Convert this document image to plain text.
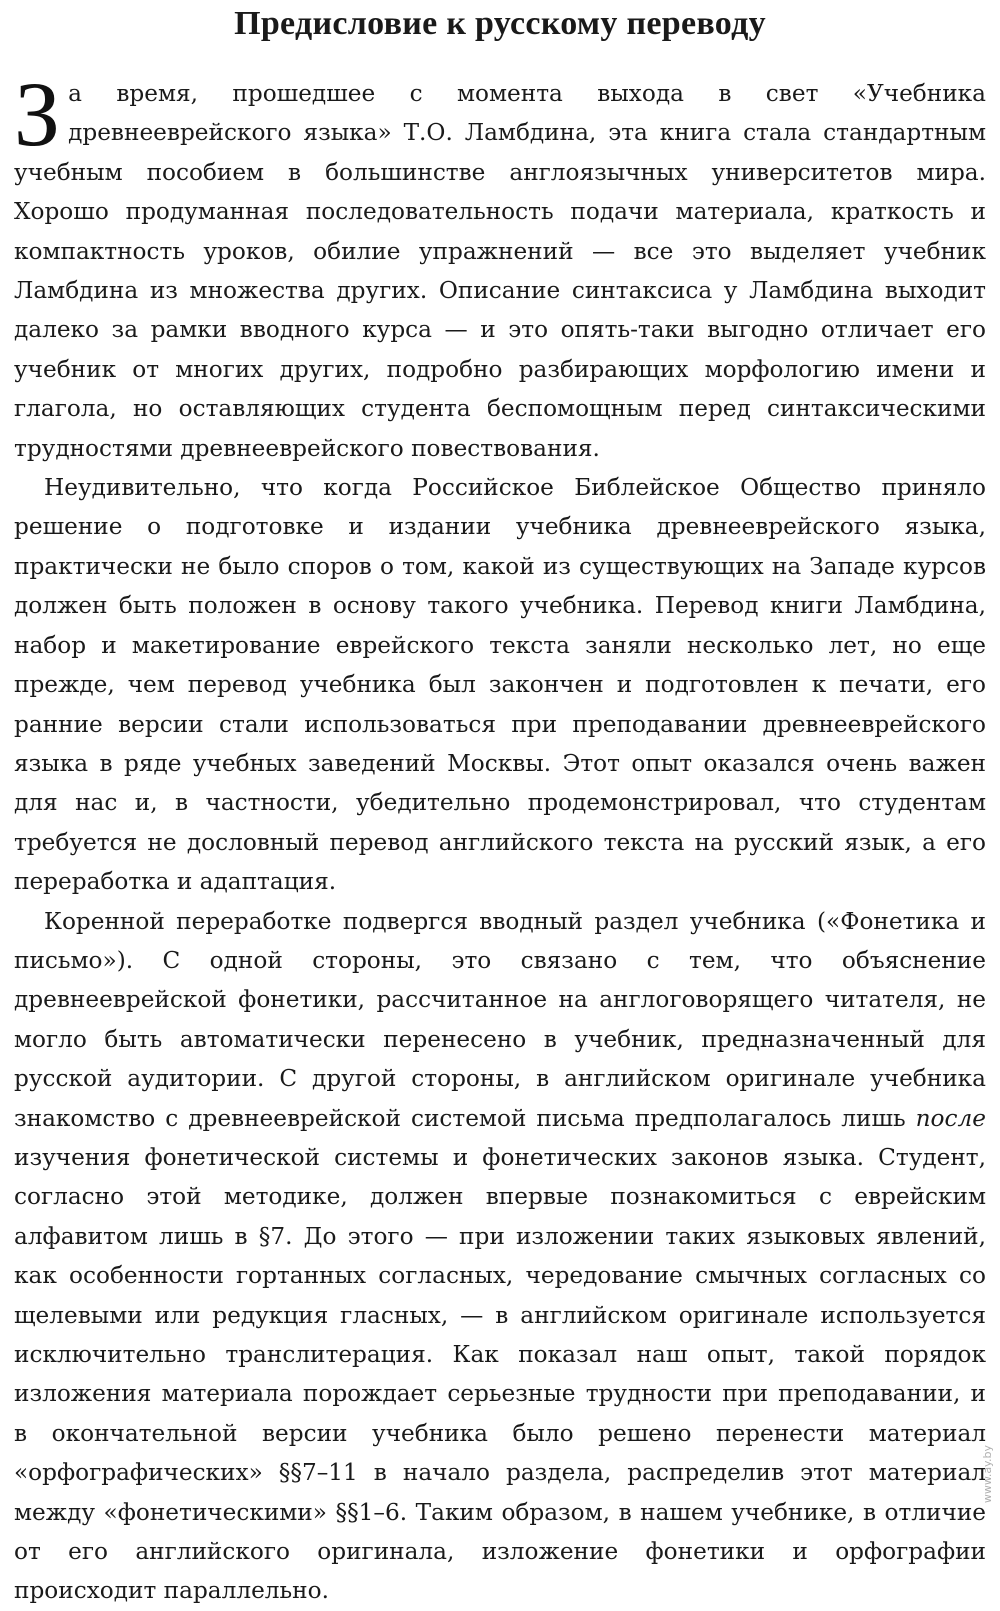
Предисловие к русскому переводу

За время, прошедшее с момента выхода в свет «Учебника древнееврейского языка» Т.О. Ламбдина, эта книга стала стандартным учебным пособием в большинстве англоязычных университетов мира. Хорошо продуманная последовательность подачи материала, краткость и компактность уроков, обилие упражнений — все это выделяет учебник Ламбдина из множества других. Описание синтаксиса у Ламбдина выходит далеко за рамки вводного курса — и это опять-таки выгодно отличает его учебник от многих других, подробно разбирающих морфологию имени и глагола, но оставляющих студента беспомощным перед синтаксическими трудностями древнееврейского повествования.

Неудивительно, что когда Российское Библейское Общество приняло решение о подготовке и издании учебника древнееврейского языка, практически не было споров о том, какой из существующих на Западе курсов должен быть положен в основу такого учебника. Перевод книги Ламбдина, набор и макетирование еврейского текста заняли несколько лет, но еще прежде, чем перевод учебника был закончен и подготовлен к печати, его ранние версии стали использоваться при преподавании древнееврейского языка в ряде учебных заведений Москвы. Этот опыт оказался очень важен для нас и, в частности, убедительно продемонстрировал, что студентам требуется не дословный перевод английского текста на русский язык, а его переработка и адаптация.

Коренной переработке подвергся вводный раздел учебника («Фонетика и письмо»). С одной стороны, это связано с тем, что объяснение древнееврейской фонетики, рассчитанное на англоговорящего читателя, не могло быть автоматически перенесено в учебник, предназначенный для русской аудитории. С другой стороны, в английском оригинале учебника знакомство с древнееврейской системой письма предполагалось лишь после изучения фонетической системы и фонетических законов языка. Студент, согласно этой методике, должен впервые познакомиться с еврейским алфавитом лишь в §7. До этого — при изложении таких языковых явлений, как особенности гортанных согласных, чередование смычных согласных со щелевыми или редукция гласных, — в английском оригинале используется исключительно транслитерация. Как показал наш опыт, такой порядок изложения материала порождает серьезные трудности при преподавании, и в окончательной версии учебника было решено перенести материал «орфографических» §§7–11 в начало раздела, распределив этот материал между «фонетическими» §§1–6. Таким образом, в нашем учебнике, в отличие от его английского оригинала, изложение фонетики и орфографии происходит параллельно.

www.ay.by
